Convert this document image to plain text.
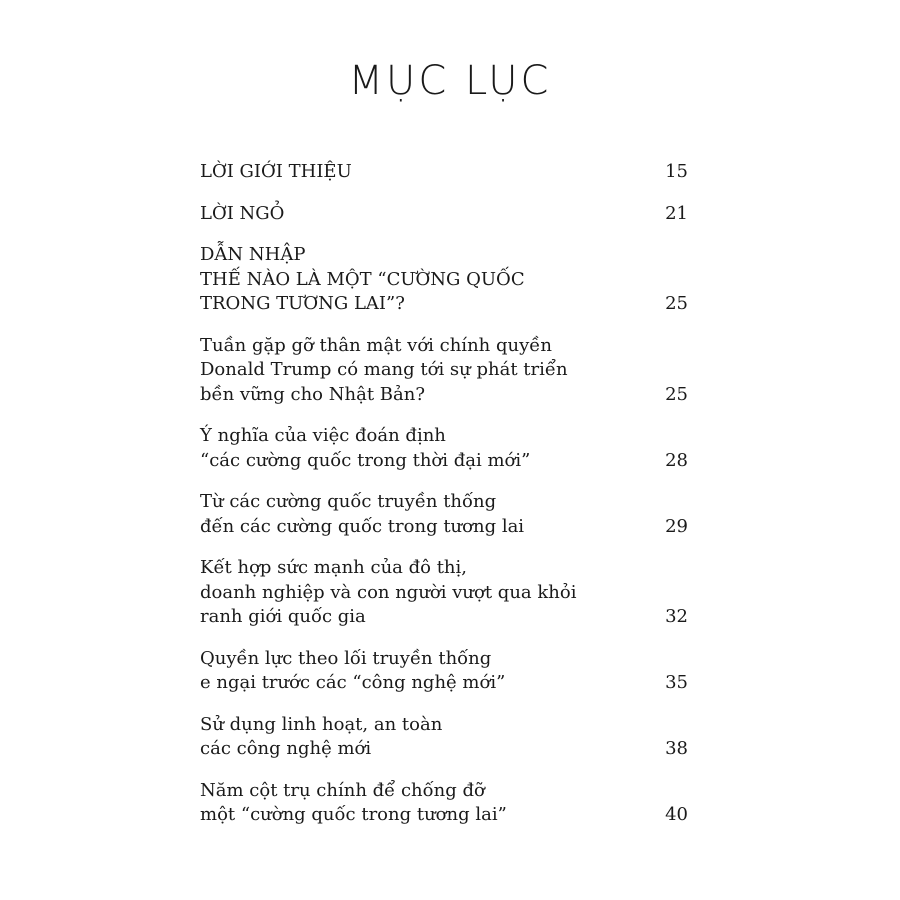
MỤC LỤC
LỜI GIỚI THIỆU	15
LỜI NGỎ	21
DẪN NHẬP
THẾ NÀO LÀ MỘT “CƯỜNG QUỐC
TRONG TƯƠNG LAI”?	25
Tuần gặp gỡ thân mật với chính quyền
Donald Trump có mang tới sự phát triển
bền vững cho Nhật Bản?	25
Ý nghĩa của việc đoán định
“các cường quốc trong thời đại mới”	28
Từ các cường quốc truyền thống
đến các cường quốc trong tương lai	29
Kết hợp sức mạnh của đô thị,
doanh nghiệp và con người vượt qua khỏi
ranh giới quốc gia	32
Quyền lực theo lối truyền thống
e ngại trước các “công nghệ mới”	35
Sử dụng linh hoạt, an toàn
các công nghệ mới	38
Năm cột trụ chính để chống đỡ
một “cường quốc trong tương lai”	40
